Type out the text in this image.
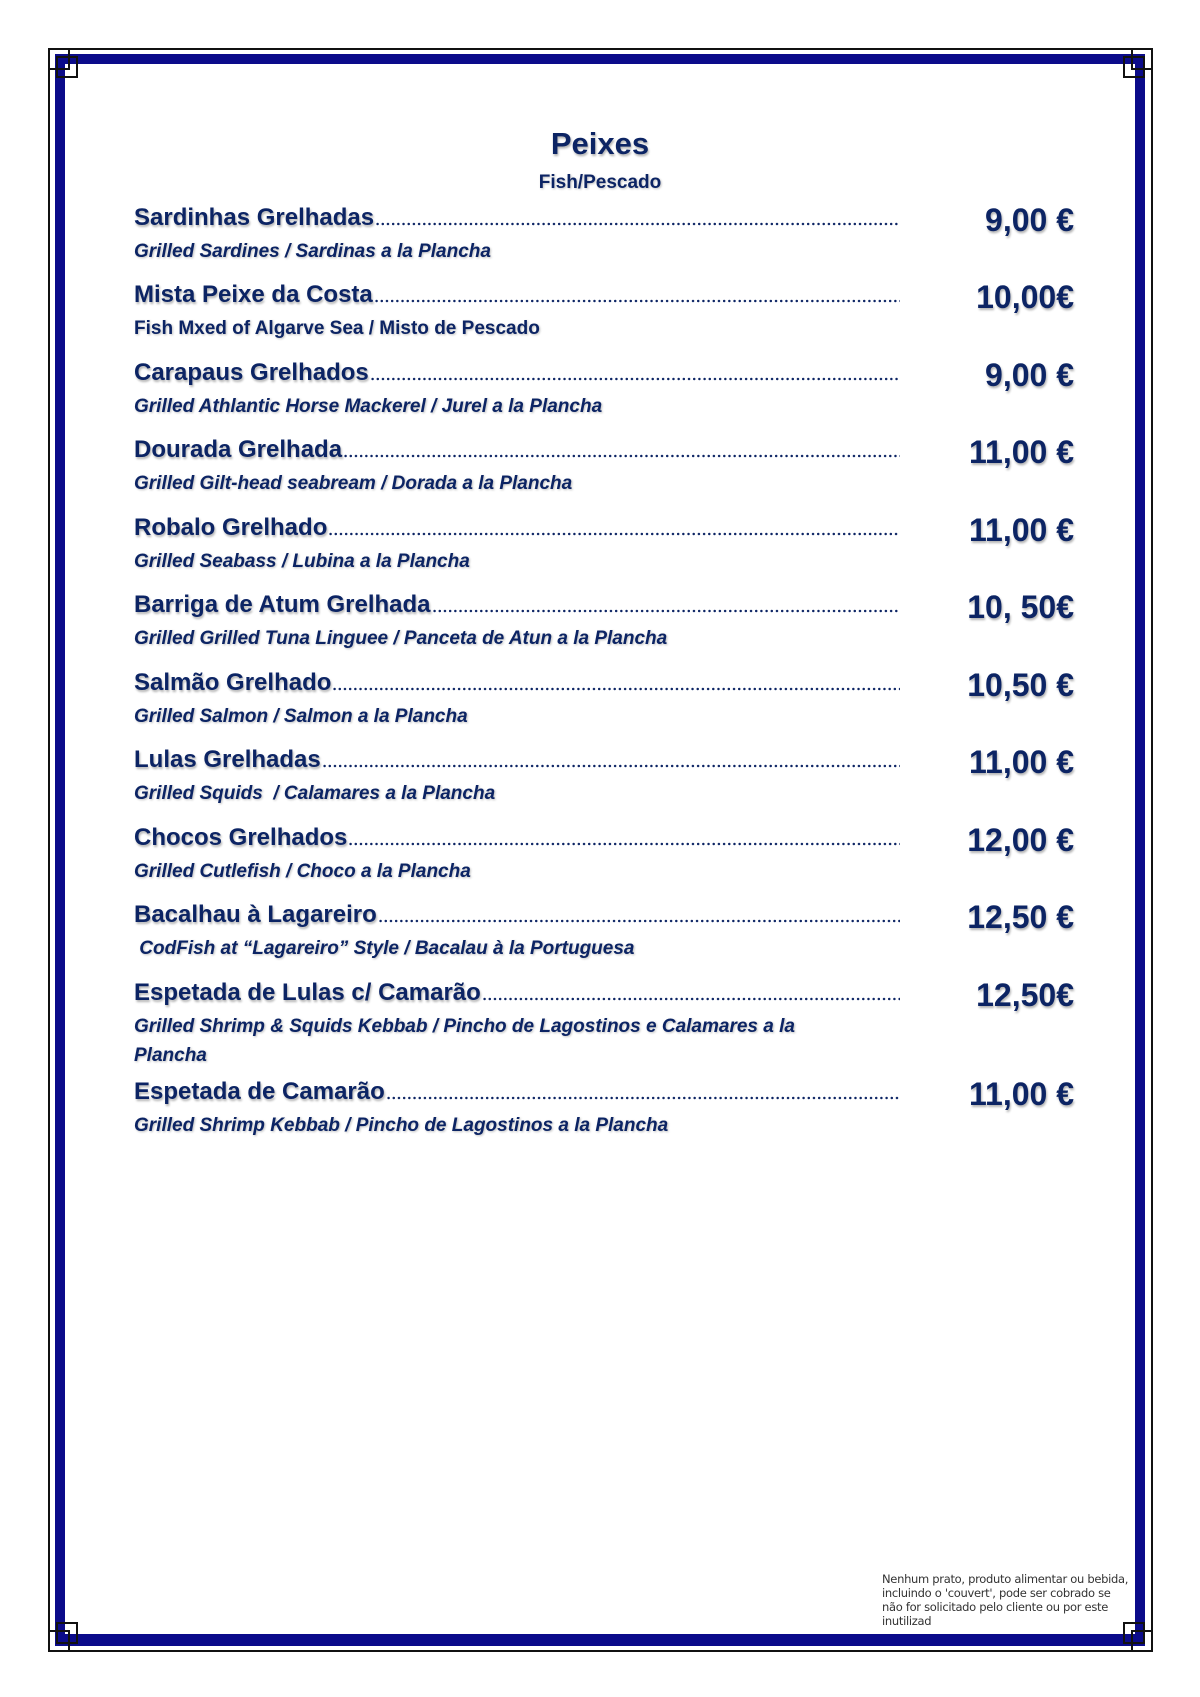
Peixes
Fish/Pescado
Sardinhas Grelhadas	9,00 €
Grilled Sardines / Sardinas a la Plancha
Mista Peixe da Costa	10,00€
Fish Mxed of Algarve Sea / Misto de Pescado
Carapaus Grelhados	9,00 €
Grilled Athlantic Horse Mackerel / Jurel a la Plancha
Dourada Grelhada	11,00 €
Grilled Gilt-head seabream / Dorada a la Plancha
Robalo Grelhado	11,00 €
Grilled Seabass / Lubina a la Plancha
Barriga de Atum Grelhada	10, 50€
Grilled Grilled Tuna Linguee / Panceta de Atun a la Plancha
Salmão Grelhado	10,50 €
Grilled Salmon / Salmon a la Plancha
Lulas Grelhadas	11,00 €
Grilled Squids  / Calamares a la Plancha
Chocos Grelhados	12,00 €
Grilled Cutlefish / Choco a la Plancha
Bacalhau à Lagareiro	12,50 €
CodFish at “Lagareiro” Style / Bacalau à la Portuguesa
Espetada de Lulas c/ Camarão	12,50€
Grilled Shrimp & Squids Kebbab / Pincho de Lagostinos e Calamares a la Plancha
Espetada de Camarão	11,00 €
Grilled Shrimp Kebbab / Pincho de Lagostinos a la Plancha
Nenhum prato, produto alimentar ou bebida, incluindo o 'couvert', pode ser cobrado se não for solicitado pelo cliente ou por este inutilizad
